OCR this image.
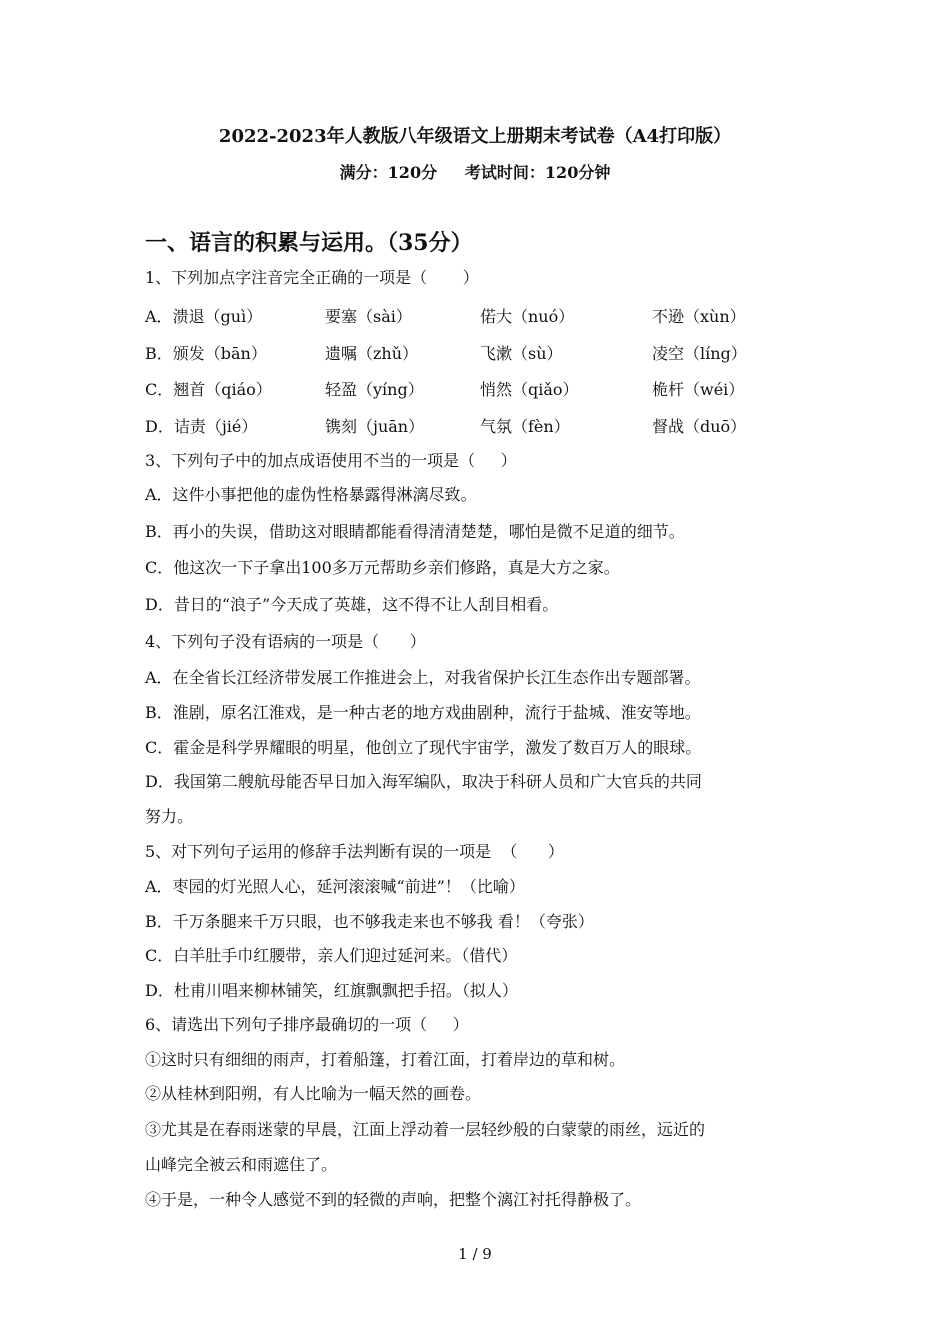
2022-2023年人教版八年级语文上册期末考试卷（A4打印版）
满分：120分     考试时间：120分钟
一、语言的积累与运用。（35分）
1、下列加点字注音完全正确的一项是（       ）
A．溃退（guì）	要塞（sài）	偌大（nuó）	不逊（xùn）
B．颁发（bān）	遗嘱（zhǔ）	飞漱（sù）	凌空（líng）
C．翘首（qiáo）	轻盈（yíng）	悄然（qiǎo）	桅杆（wéi）
D．诘责（jié）	镌刻（juān）	气氛（fèn）	督战（duō）
3、下列句子中的加点成语使用不当的一项是（     ）
A．这件小事把他的虚伪性格暴露得淋漓尽致。
B．再小的失误，借助这对眼睛都能看得清清楚楚，哪怕是微不足道的细节。
C．他这次一下子拿出100多万元帮助乡亲们修路，真是大方之家。
D．昔日的“浪子”今天成了英雄，这不得不让人刮目相看。
4、下列句子没有语病的一项是（      ）
A．在全省长江经济带发展工作推进会上，对我省保护长江生态作出专题部署。
B．淮剧，原名江淮戏，是一种古老的地方戏曲剧种，流行于盐城、淮安等地。
C．霍金是科学界耀眼的明星，他创立了现代宇宙学，激发了数百万人的眼球。
D．我国第二艘航母能否早日加入海军编队，取决于科研人员和广大官兵的共同
努力。
5、对下列句子运用的修辞手法判断有误的一项是  （      ）
A．枣园的灯光照人心，延河滚滚喊“前进”！（比喻）
B．千万条腿来千万只眼，也不够我走来也不够我 看！（夸张）
C．白羊肚手巾红腰带，亲人们迎过延河来。（借代）
D．杜甫川唱来柳林铺笑，红旗飘飘把手招。（拟人）
6、请选出下列句子排序最确切的一项（     ）
①这时只有细细的雨声，打着船篷，打着江面，打着岸边的草和树。
②从桂林到阳朔，有人比喻为一幅天然的画卷。
③尤其是在春雨迷蒙的早晨，江面上浮动着一层轻纱般的白蒙蒙的雨丝，远近的
山峰完全被云和雨遮住了。
④于是，一种令人感觉不到的轻微的声响，把整个漓江衬托得静极了。
1 / 9
